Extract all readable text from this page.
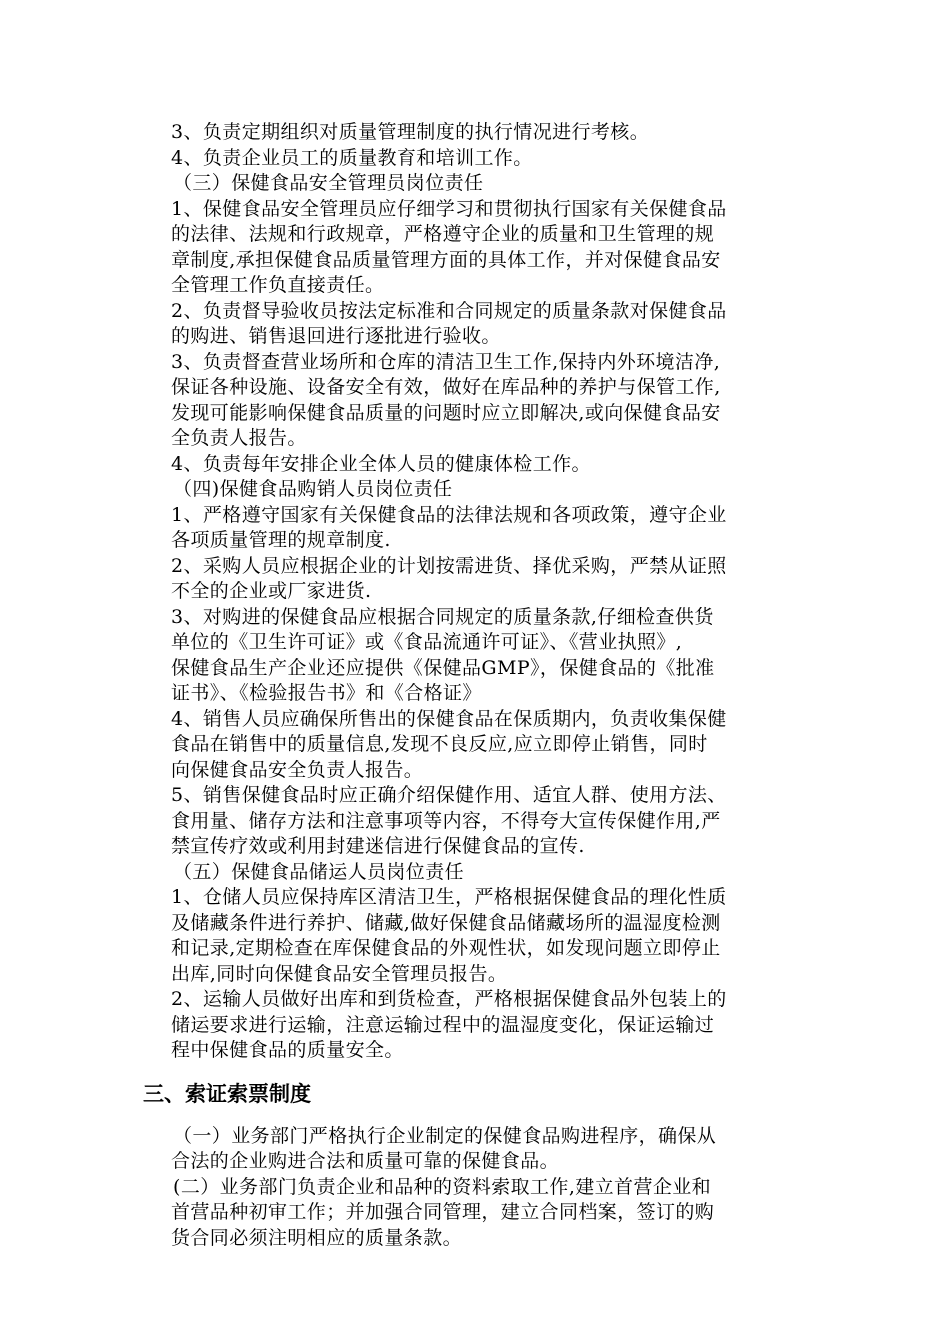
3、负责定期组织对质量管理制度的执行情况进行考核。
4、负责企业员工的质量教育和培训工作。
（三）保健食品安全管理员岗位责任
1、保健食品安全管理员应仔细学习和贯彻执行国家有关保健食品
的法律、法规和行政规章，严格遵守企业的质量和卫生管理的规
章制度,承担保健食品质量管理方面的具体工作，并对保健食品安
全管理工作负直接责任。
2、负责督导验收员按法定标准和合同规定的质量条款对保健食品
的购进、销售退回进行逐批进行验收。
3、负责督查营业场所和仓库的清洁卫生工作,保持内外环境洁净,
保证各种设施、设备安全有效，做好在库品种的养护与保管工作,
发现可能影响保健食品质量的问题时应立即解决,或向保健食品安
全负责人报告。
4、负责每年安排企业全体人员的健康体检工作。
（四)保健食品购销人员岗位责任
1、严格遵守国家有关保健食品的法律法规和各项政策，遵守企业
各项质量管理的规章制度.
2、采购人员应根据企业的计划按需进货、择优采购，严禁从证照
不全的企业或厂家进货.
3、对购进的保健食品应根据合同规定的质量条款,仔细检查供货
单位的《卫生许可证》或《食品流通许可证》、《营业执照》,
保健食品生产企业还应提供《保健品GMP》，保健食品的《批准
证书》、《检验报告书》和《合格证》
4、销售人员应确保所售出的保健食品在保质期内，负责收集保健
食品在销售中的质量信息,发现不良反应,应立即停止销售，同时
向保健食品安全负责人报告。
5、销售保健食品时应正确介绍保健作用、适宜人群、使用方法、
食用量、储存方法和注意事项等内容，不得夸大宣传保健作用,严
禁宣传疗效或利用封建迷信进行保健食品的宣传.
（五）保健食品储运人员岗位责任
1、仓储人员应保持库区清洁卫生，严格根据保健食品的理化性质
及储藏条件进行养护、储藏,做好保健食品储藏场所的温湿度检测
和记录,定期检查在库保健食品的外观性状，如发现问题立即停止
出库,同时向保健食品安全管理员报告。
2、运输人员做好出库和到货检查，严格根据保健食品外包装上的
储运要求进行运输，注意运输过程中的温湿度变化，保证运输过
程中保健食品的质量安全。
三、索证索票制度
（一）业务部门严格执行企业制定的保健食品购进程序，确保从
合法的企业购进合法和质量可靠的保健食品。
(二）业务部门负责企业和品种的资料索取工作,建立首营企业和
首营品种初审工作；并加强合同管理，建立合同档案，签订的购
货合同必须注明相应的质量条款。
